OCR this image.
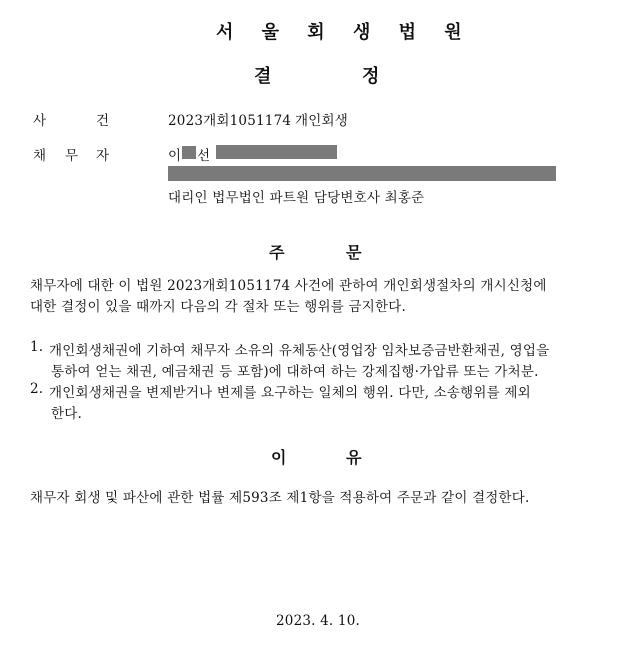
서 울 회 생 법 원
결	정
사	건	2023개회1051174 개인회생
채 무 자	이 선
대리인 법무법인 파트원 담당변호사 최홍준
주	문
채무자에 대한 이 법원 2023개회1051174 사건에 관하여 개인회생절차의 개시신청에
대한 결정이 있을 때까지 다음의 각 절차 또는 행위를 금지한다.
1. 개인회생채권에 기하여 채무자 소유의 유체동산(영업장 임차보증금반환채권, 영업을
통하여 얻는 채권, 예금채권 등 포함)에 대하여 하는 강제집행·가압류 또는 가처분.
2. 개인회생채권을 변제받거나 변제를 요구하는 일체의 행위. 다만, 소송행위를 제외
한다.
이	유
채무자 회생 및 파산에 관한 법률 제593조 제1항을 적용하여 주문과 같이 결정한다.
2023. 4. 10.
